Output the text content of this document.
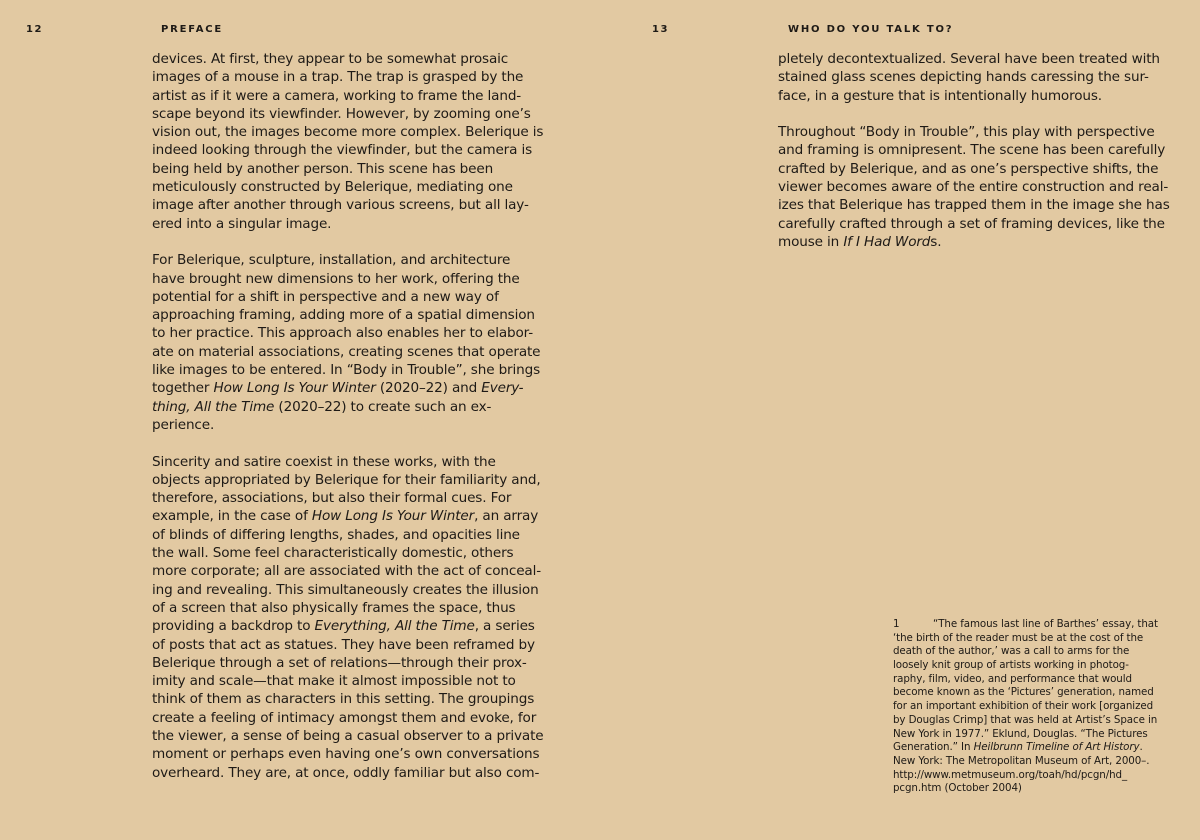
12	PREFACE
devices. At first, they appear to be somewhat prosaic
images of a mouse in a trap. The trap is grasped by the
artist as if it were a camera, working to frame the land-
scape beyond its viewfinder. However, by zooming one’s
vision out, the images become more complex. Belerique is
indeed looking through the viewfinder, but the camera is
being held by another person. This scene has been
meticulously constructed by Belerique, mediating one
image after another through various screens, but all lay-
ered into a singular image.
For Belerique, sculpture, installation, and architecture
have brought new dimensions to her work, offering the
potential for a shift in perspective and a new way of
approaching framing, adding more of a spatial dimension
to her practice. This approach also enables her to elabor-
ate on material associations, creating scenes that operate
like images to be entered. In “Body in Trouble”, she brings
together How Long Is Your Winter (2020–22) and Every-
thing, All the Time (2020–22) to create such an ex-
perience.
Sincerity and satire coexist in these works, with the
objects appropriated by Belerique for their familiarity and,
therefore, associations, but also their formal cues. For
example, in the case of How Long Is Your Winter, an array
of blinds of differing lengths, shades, and opacities line
the wall. Some feel characteristically domestic, others
more corporate; all are associated with the act of conceal-
ing and revealing. This simultaneously creates the illusion
of a screen that also physically frames the space, thus
providing a backdrop to Everything, All the Time, a series
of posts that act as statues. They have been reframed by
Belerique through a set of relations—through their prox-
imity and scale—that make it almost impossible not to
think of them as characters in this setting. The groupings
create a feeling of intimacy amongst them and evoke, for
the viewer, a sense of being a casual observer to a private
moment or perhaps even having one’s own conversations
overheard. They are, at once, oddly familiar but also com-
13	WHO DO YOU TALK TO?
pletely decontextualized. Several have been treated with
stained glass scenes depicting hands caressing the sur-
face, in a gesture that is intentionally humorous.
Throughout “Body in Trouble”, this play with perspective
and framing is omnipresent. The scene has been carefully
crafted by Belerique, and as one’s perspective shifts, the
viewer becomes aware of the entire construction and real-
izes that Belerique has trapped them in the image she has
carefully crafted through a set of framing devices, like the
mouse in If I Had Words.
1	“The famous last line of Barthes’ essay, that
‘the birth of the reader must be at the cost of the
death of the author,’ was a call to arms for the
loosely knit group of artists working in photog-
raphy, film, video, and performance that would
become known as the ‘Pictures’ generation, named
for an important exhibition of their work [organized
by Douglas Crimp] that was held at Artist’s Space in
New York in 1977.” Eklund, Douglas. “The Pictures
Generation.” In Heilbrunn Timeline of Art History.
New York: The Metropolitan Museum of Art, 2000–.
http://www.metmuseum.org/toah/hd/pcgn/hd_
pcgn.htm (October 2004)
